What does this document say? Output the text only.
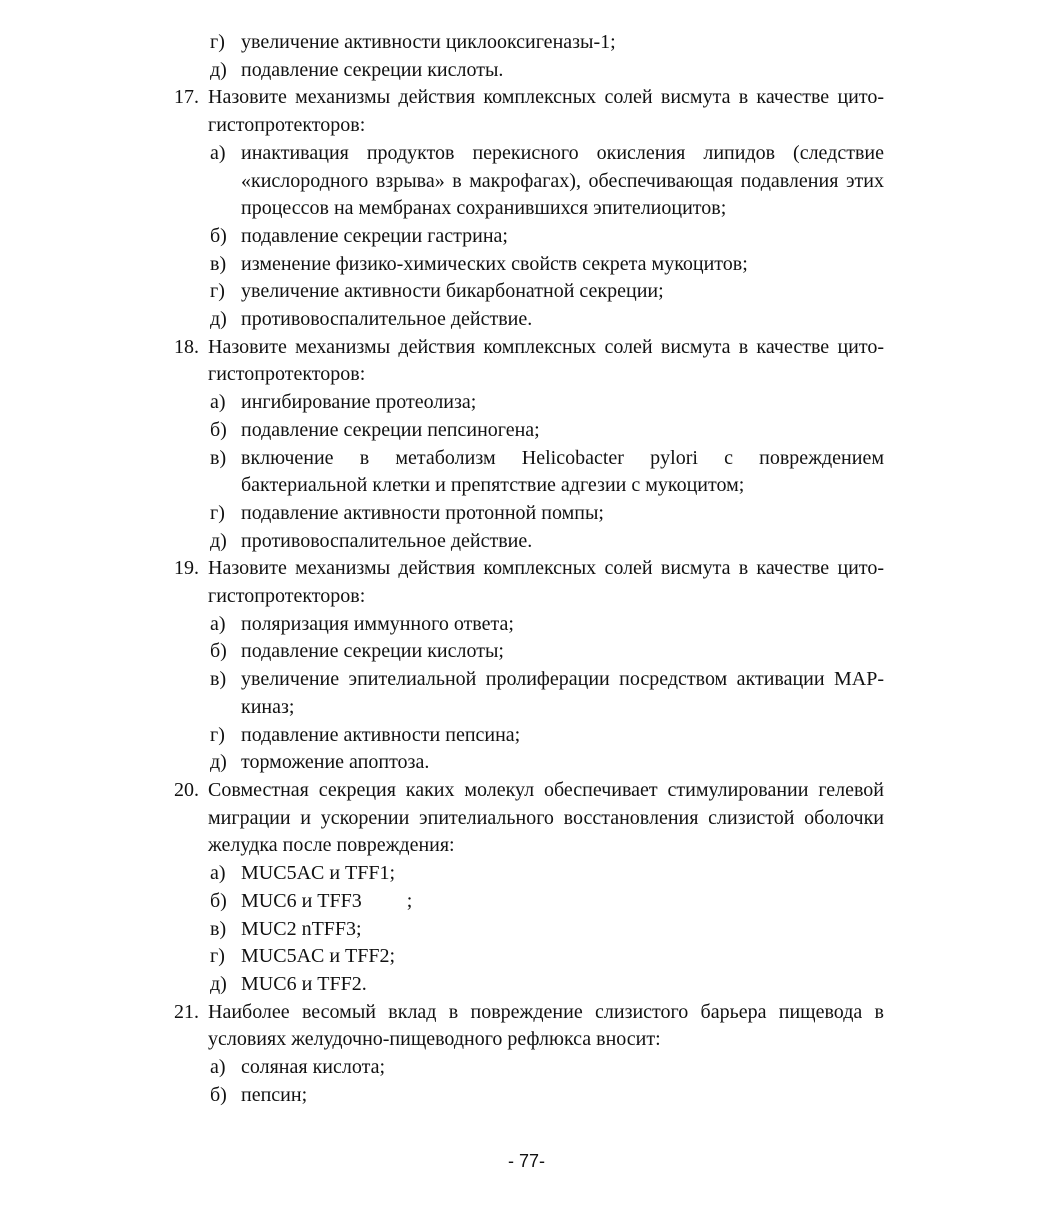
г) увеличение активности циклооксигеназы-1;
д) подавление секреции кислоты.
17. Назовите механизмы действия комплексных солей висмута в качестве цито-гистопротекторов:
а) инактивация продуктов перекисного окисления липидов (следствие «кислородного взрыва» в макрофагах), обеспечивающая подавления этих процессов на мембранах сохранившихся эпителиоцитов;
б) подавление секреции гастрина;
в) изменение физико-химических свойств секрета мукоцитов;
г) увеличение активности бикарбонатной секреции;
д) противовоспалительное действие.
18. Назовите механизмы действия комплексных солей висмута в качестве цито-гистопротекторов:
а) ингибирование протеолиза;
б) подавление секреции пепсиногена;
в) включение в метаболизм Helicobacter pylori с повреждением бактериальной клетки и препятствие адгезии с мукоцитом;
г) подавление активности протонной помпы;
д) противовоспалительное действие.
19. Назовите механизмы действия комплексных солей висмута в качестве цито-гистопротекторов:
а) поляризация иммунного ответа;
б) подавление секреции кислоты;
в) увеличение эпителиальной пролиферации посредством активации MAP-киназ;
г) подавление активности пепсина;
д) торможение апоптоза.
20. Совместная секреция каких молекул обеспечивает стимулировании гелевой миграции и ускорении эпителиального восстановления слизистой оболочки желудка после повреждения:
а) MUC5AC и TFF1;
б) MUC6 и TFF3         ;
в) MUC2 nTFF3;
г) MUC5AC и TFF2;
д) MUC6 и TFF2.
21. Наиболее весомый вклад в повреждение слизистого барьера пищевода в условиях желудочно-пищеводного рефлюкса вносит:
а) соляная кислота;
б) пепсин;
- 77-
